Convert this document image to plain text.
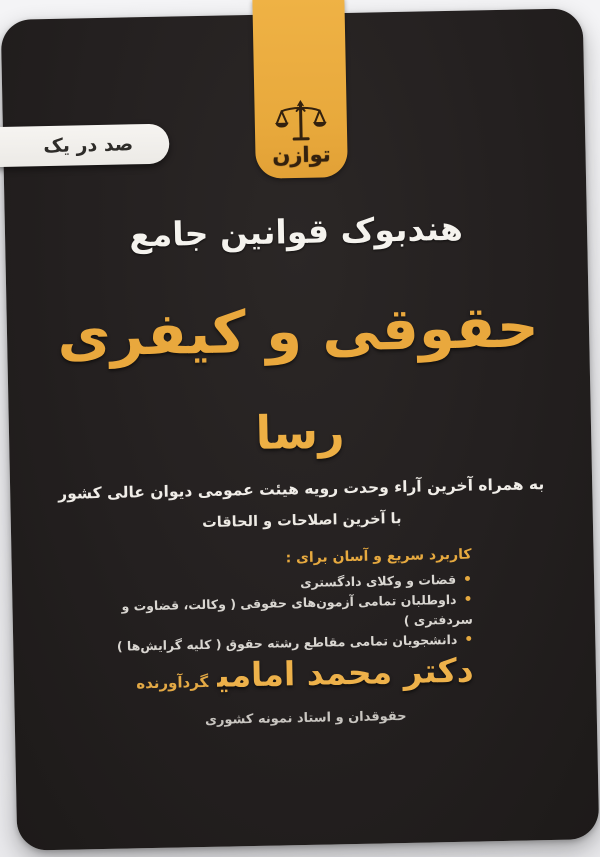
توازن
صد در یک
هندبوک قوانین جامع
حقوقی و کیفری
رسا
به همراه آخرین آراء وحدت رویه هیئت عمومی دیوان عالی کشور
با آخرین اصلاحات و الحاقات
کاربرد سریع و آسان برای :
• قضات و وکلای دادگستری
• داوطلبان تمامی آزمون‌های حقوقی ( وکالت، قضاوت و سردفتری )
• دانشجویان تمامی مقاطع رشته حقوق ( کلیه گرایش‌ها )
دکتر محمد امامیگردآورنده
حقوقدان و استاد نمونه کشوری
